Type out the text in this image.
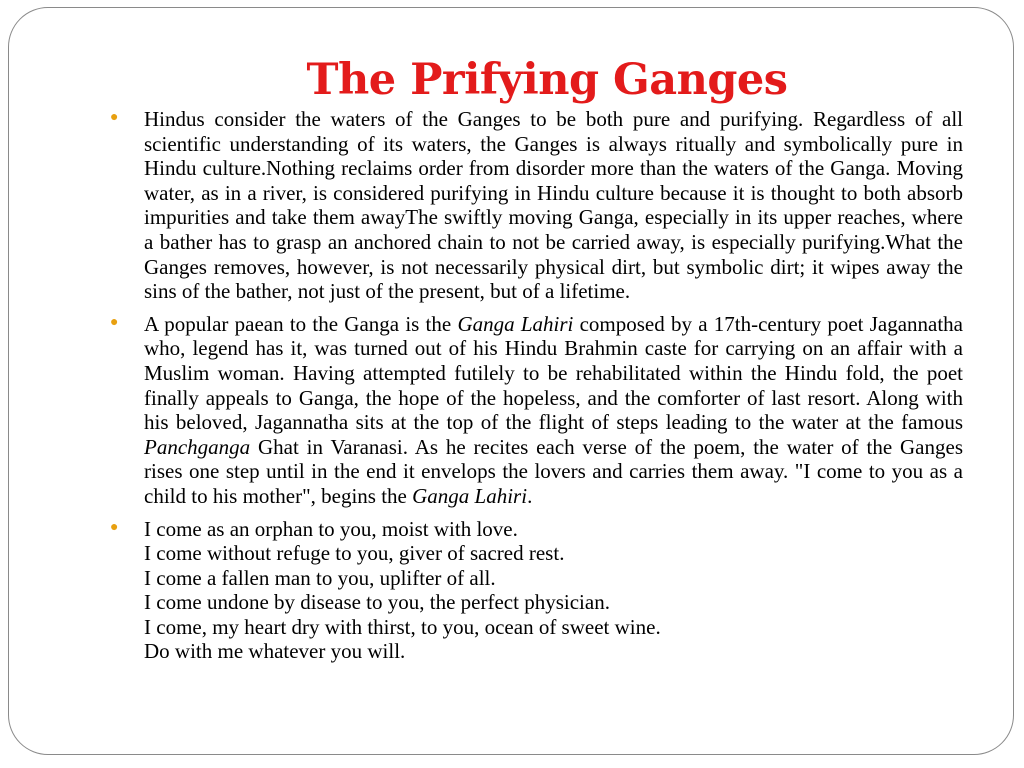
The Prifying Ganges
● Hindus consider the waters of the Ganges to be both pure and purifying. Regardless of all scientific understanding of its waters, the Ganges is always ritually and symbolically pure in Hindu culture.Nothing reclaims order from disorder more than the waters of the Ganga. Moving water, as in a river, is considered purifying in Hindu culture because it is thought to both absorb impurities and take them awayThe swiftly moving Ganga, especially in its upper reaches, where a bather has to grasp an anchored chain to not be carried away, is especially purifying.What the Ganges removes, however, is not necessarily physical dirt, but symbolic dirt; it wipes away the sins of the bather, not just of the present, but of a lifetime.
● A popular paean to the Ganga is the Ganga Lahiri composed by a 17th-century poet Jagannatha who, legend has it, was turned out of his Hindu Brahmin caste for carrying on an affair with a Muslim woman. Having attempted futilely to be rehabilitated within the Hindu fold, the poet finally appeals to Ganga, the hope of the hopeless, and the comforter of last resort. Along with his beloved, Jagannatha sits at the top of the flight of steps leading to the water at the famous Panchganga Ghat in Varanasi. As he recites each verse of the poem, the water of the Ganges rises one step until in the end it envelops the lovers and carries them away. "I come to you as a child to his mother", begins the Ganga Lahiri.
● I come as an orphan to you, moist with love.
I come without refuge to you, giver of sacred rest.
I come a fallen man to you, uplifter of all.
I come undone by disease to you, the perfect physician.
I come, my heart dry with thirst, to you, ocean of sweet wine.
Do with me whatever you will.
